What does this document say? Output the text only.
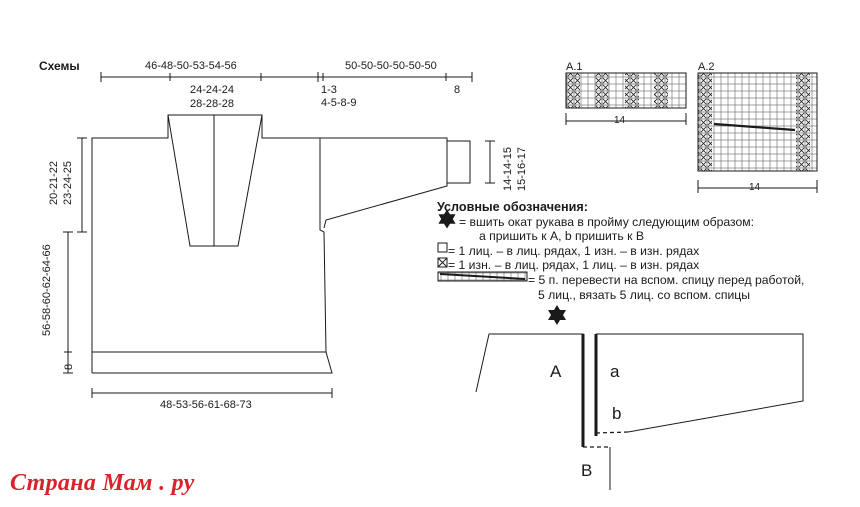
Схемы	46-48-50-53-54-56
24-24-24
28-28-28
50-50-50-50-50-50
1-3
4-5-8-9
8
14-14-15 15-16-17
20-21-22 23-24-25
56-58-60-62-64-66
8
48-53-56-61-68-73
A.1
14
A.2
14
A	a
b
B
Условные обозначения:
= вшить окат рукава в пройму следующим образом:
а пришить к А, b пришить к В
= 1 лиц. – в лиц. рядах, 1 изн. – в изн. рядах
= 1 изн. – в лиц. рядах, 1 лиц. – в изн. рядах
= 5 п. перевести на вспом. спицу перед работой,
5 лиц., вязать 5 лиц. со вспом. спицы
Страна Мам . ру
